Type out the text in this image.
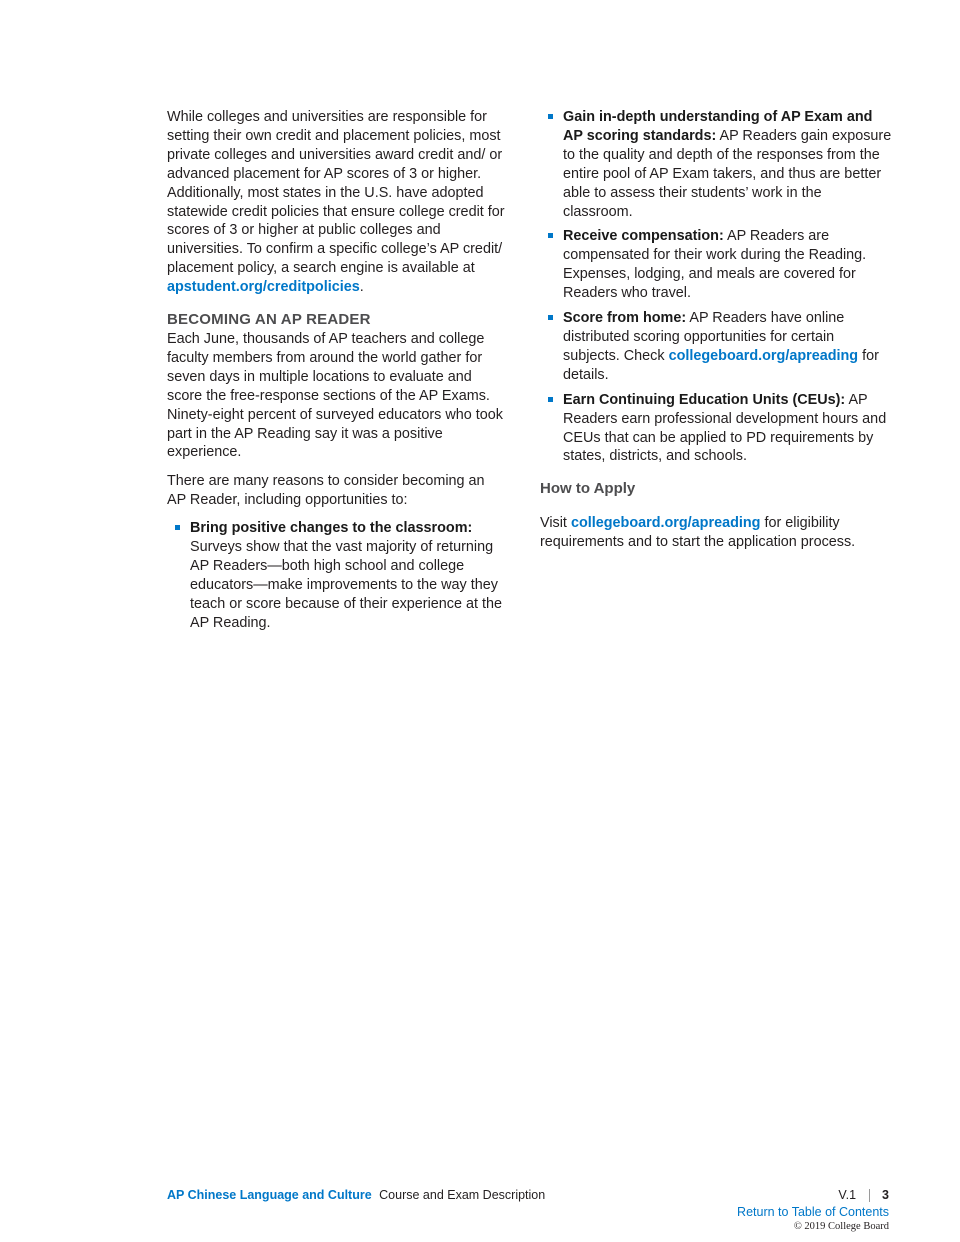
While colleges and universities are responsible for setting their own credit and placement policies, most private colleges and universities award credit and/ or advanced placement for AP scores of 3 or higher. Additionally, most states in the U.S. have adopted statewide credit policies that ensure college credit for scores of 3 or higher at public colleges and universities. To confirm a specific college’s AP credit/ placement policy, a search engine is available at apstudent.org/creditpolicies.

BECOMING AN AP READER

Each June, thousands of AP teachers and college faculty members from around the world gather for seven days in multiple locations to evaluate and score the free-response sections of the AP Exams. Ninety-eight percent of surveyed educators who took part in the AP Reading say it was a positive experience.

There are many reasons to consider becoming an AP Reader, including opportunities to:

Bring positive changes to the classroom: Surveys show that the vast majority of returning AP Readers—both high school and college educators—make improvements to the way they teach or score because of their experience at the AP Reading.
Gain in-depth understanding of AP Exam and AP scoring standards: AP Readers gain exposure to the quality and depth of the responses from the entire pool of AP Exam takers, and thus are better able to assess their students’ work in the classroom.
Receive compensation: AP Readers are compensated for their work during the Reading. Expenses, lodging, and meals are covered for Readers who travel.
Score from home: AP Readers have online distributed scoring opportunities for certain subjects. Check collegeboard.org/apreading for details.
Earn Continuing Education Units (CEUs): AP Readers earn professional development hours and CEUs that can be applied to PD requirements by states, districts, and schools.
How to Apply

Visit collegeboard.org/apreading for eligibility requirements and to start the application process.

AP Chinese Language and Culture Course and Exam Description	V.1 3
Return to Table of Contents
© 2019 College Board
